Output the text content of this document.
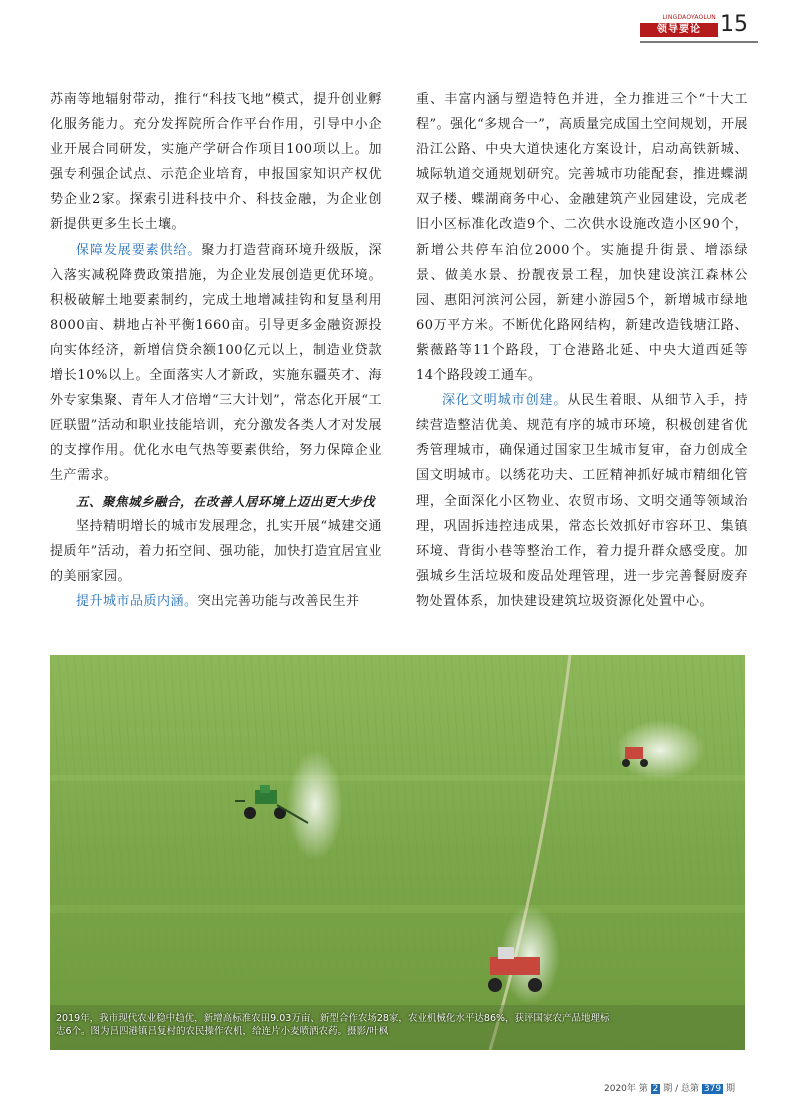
LINGDAOYAOLUN
领导要论 15

苏南等地辐射带动，推行“科技飞地”模式，提升创业孵化服务能力。充分发挥院所合作平台作用，引导中小企业开展合同研发，实施产学研合作项目100项以上。加强专利强企试点、示范企业培育，申报国家知识产权优势企业2家。探索引进科技中介、科技金融，为企业创新提供更多生长土壤。

保障发展要素供给。聚力打造营商环境升级版，深入落实减税降费政策措施，为企业发展创造更优环境。积极破解土地要素制约，完成土地增减挂钩和复垦利用8000亩、耕地占补平衡1660亩。引导更多金融资源投向实体经济，新增信贷余额100亿元以上，制造业贷款增长10%以上。全面落实人才新政，实施东疆英才、海外专家集聚、青年人才倍增“三大计划”，常态化开展“工匠联盟”活动和职业技能培训，充分激发各类人才对发展的支撑作用。优化水电气热等要素供给，努力保障企业生产需求。

五、聚焦城乡融合，在改善人居环境上迈出更大步伐

坚持精明增长的城市发展理念，扎实开展“城建交通提质年”活动，着力拓空间、强功能，加快打造宜居宜业的美丽家园。

提升城市品质内涵。突出完善功能与改善民生并

重、丰富内涵与塑造特色并进，全力推进三个“十大工程”。强化“多规合一”，高质量完成国土空间规划，开展沿江公路、中央大道快速化方案设计，启动高铁新城、城际轨道交通规划研究。完善城市功能配套，推进蝶湖双子楼、蝶湖商务中心、金融建筑产业园建设，完成老旧小区标准化改造9个、二次供水设施改造小区90个，新增公共停车泊位2000个。实施提升街景、增添绿景、做美水景、扮靓夜景工程，加快建设滨江森林公园、惠阳河滨河公园，新建小游园5个，新增城市绿地60万平方米。不断优化路网结构，新建改造钱塘江路、紫薇路等11个路段，丁仓港路北延、中央大道西延等14个路段竣工通车。

深化文明城市创建。从民生着眼、从细节入手，持续营造整洁优美、规范有序的城市环境，积极创建省优秀管理城市，确保通过国家卫生城市复审，奋力创成全国文明城市。以绣花功夫、工匠精神抓好城市精细化管理，全面深化小区物业、农贸市场、文明交通等领域治理，巩固拆违控违成果，常态长效抓好市容环卫、集镇环境、背街小巷等整治工作，着力提升群众感受度。加强城乡生活垃圾和废品处理管理，进一步完善餐厨废弃物处置体系，加快建设建筑垃圾资源化处置中心。

2019年，我市现代农业稳中趋优，新增高标准农田9.03万亩、新型合作农场28家，农业机械化水平达86%，获评国家农产品地理标志6个。图为吕四港镇吕复村的农民操作农机，给连片小麦喷洒农药。摄影/叶枫
2020年 第 2 期 / 总第 379 期
